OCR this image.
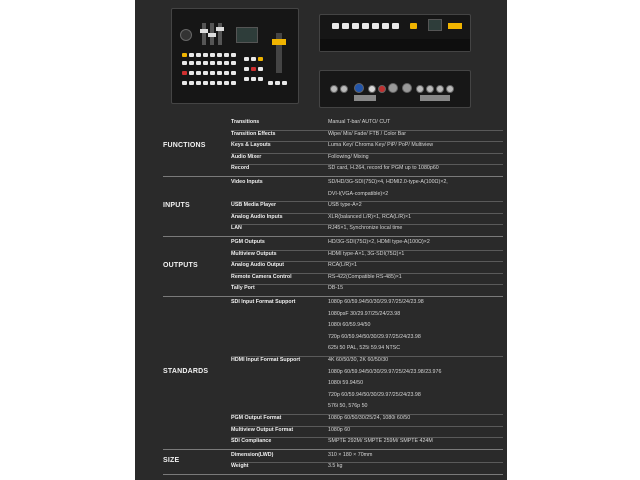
FUNCTIONS
Transitions	Manual T-bar/ AUTO/ CUT
Transition Effects	Wipe/ Mix/ Fade/ FTB / Color Bar
Keys & Layouts	Luma Key/ Chroma Key/ PiP/ PoP/ Multiview
Audio Mixer	Following/ Mixing
Record	SD card, H.264, record for PGM up to 1080p60
INPUTS
Video Inputs	SD/HD/3G-SDI(75Ω)×4, HDMI2.0-type-A(100Ω)×2,
DVI-I(VGA-compatible)×2
USB Media Player	USB type-A×2
Analog Audio Inputs	XLR(balanced L/R)×1, RCA(L/R)×1
LAN	RJ45×1, Synchronize local time
OUTPUTS
PGM Outputs	HD/3G-SDI(75Ω)×2, HDMI type-A(100Ω)×2
Multiview Outputs	HDMI type-A×1, 3G-SDI(75Ω)×1
Analog Audio Output	RCA(L/R)×1
Remote Camera Control	RS-422(Compatible RS-485)×1
Tally Port	DB-15
STANDARDS
SDI Input Format Support	1080p 60/59.94/50/30/29.97/25/24/23.98
1080psF 30/29.97/25/24/23.98
1080i 60/59.94/50
720p 60/59.94/50/30/29.97/25/24/23.98
625i 50 PAL, 525i 59.94 NTSC
HDMI Input Format Support	4K 60/50/30, 2K 60/50/30
1080p 60/59.94/50/30/29.97/25/24/23.98/23.976
1080i 59.94/50
720p 60/59.94/50/30/29.97/25/24/23.98
576i 50, 576p 50
PGM Output Format	1080p 60/50/30/25/24, 1080i 60/50
Multiview Output Format	1080p 60
SDI Compliance	SMPTE 292M/ SMPTE 259M/ SMPTE 424M
SIZE
Dimension(LWD)	310 × 180 × 70mm
Weight	3.5 kg
